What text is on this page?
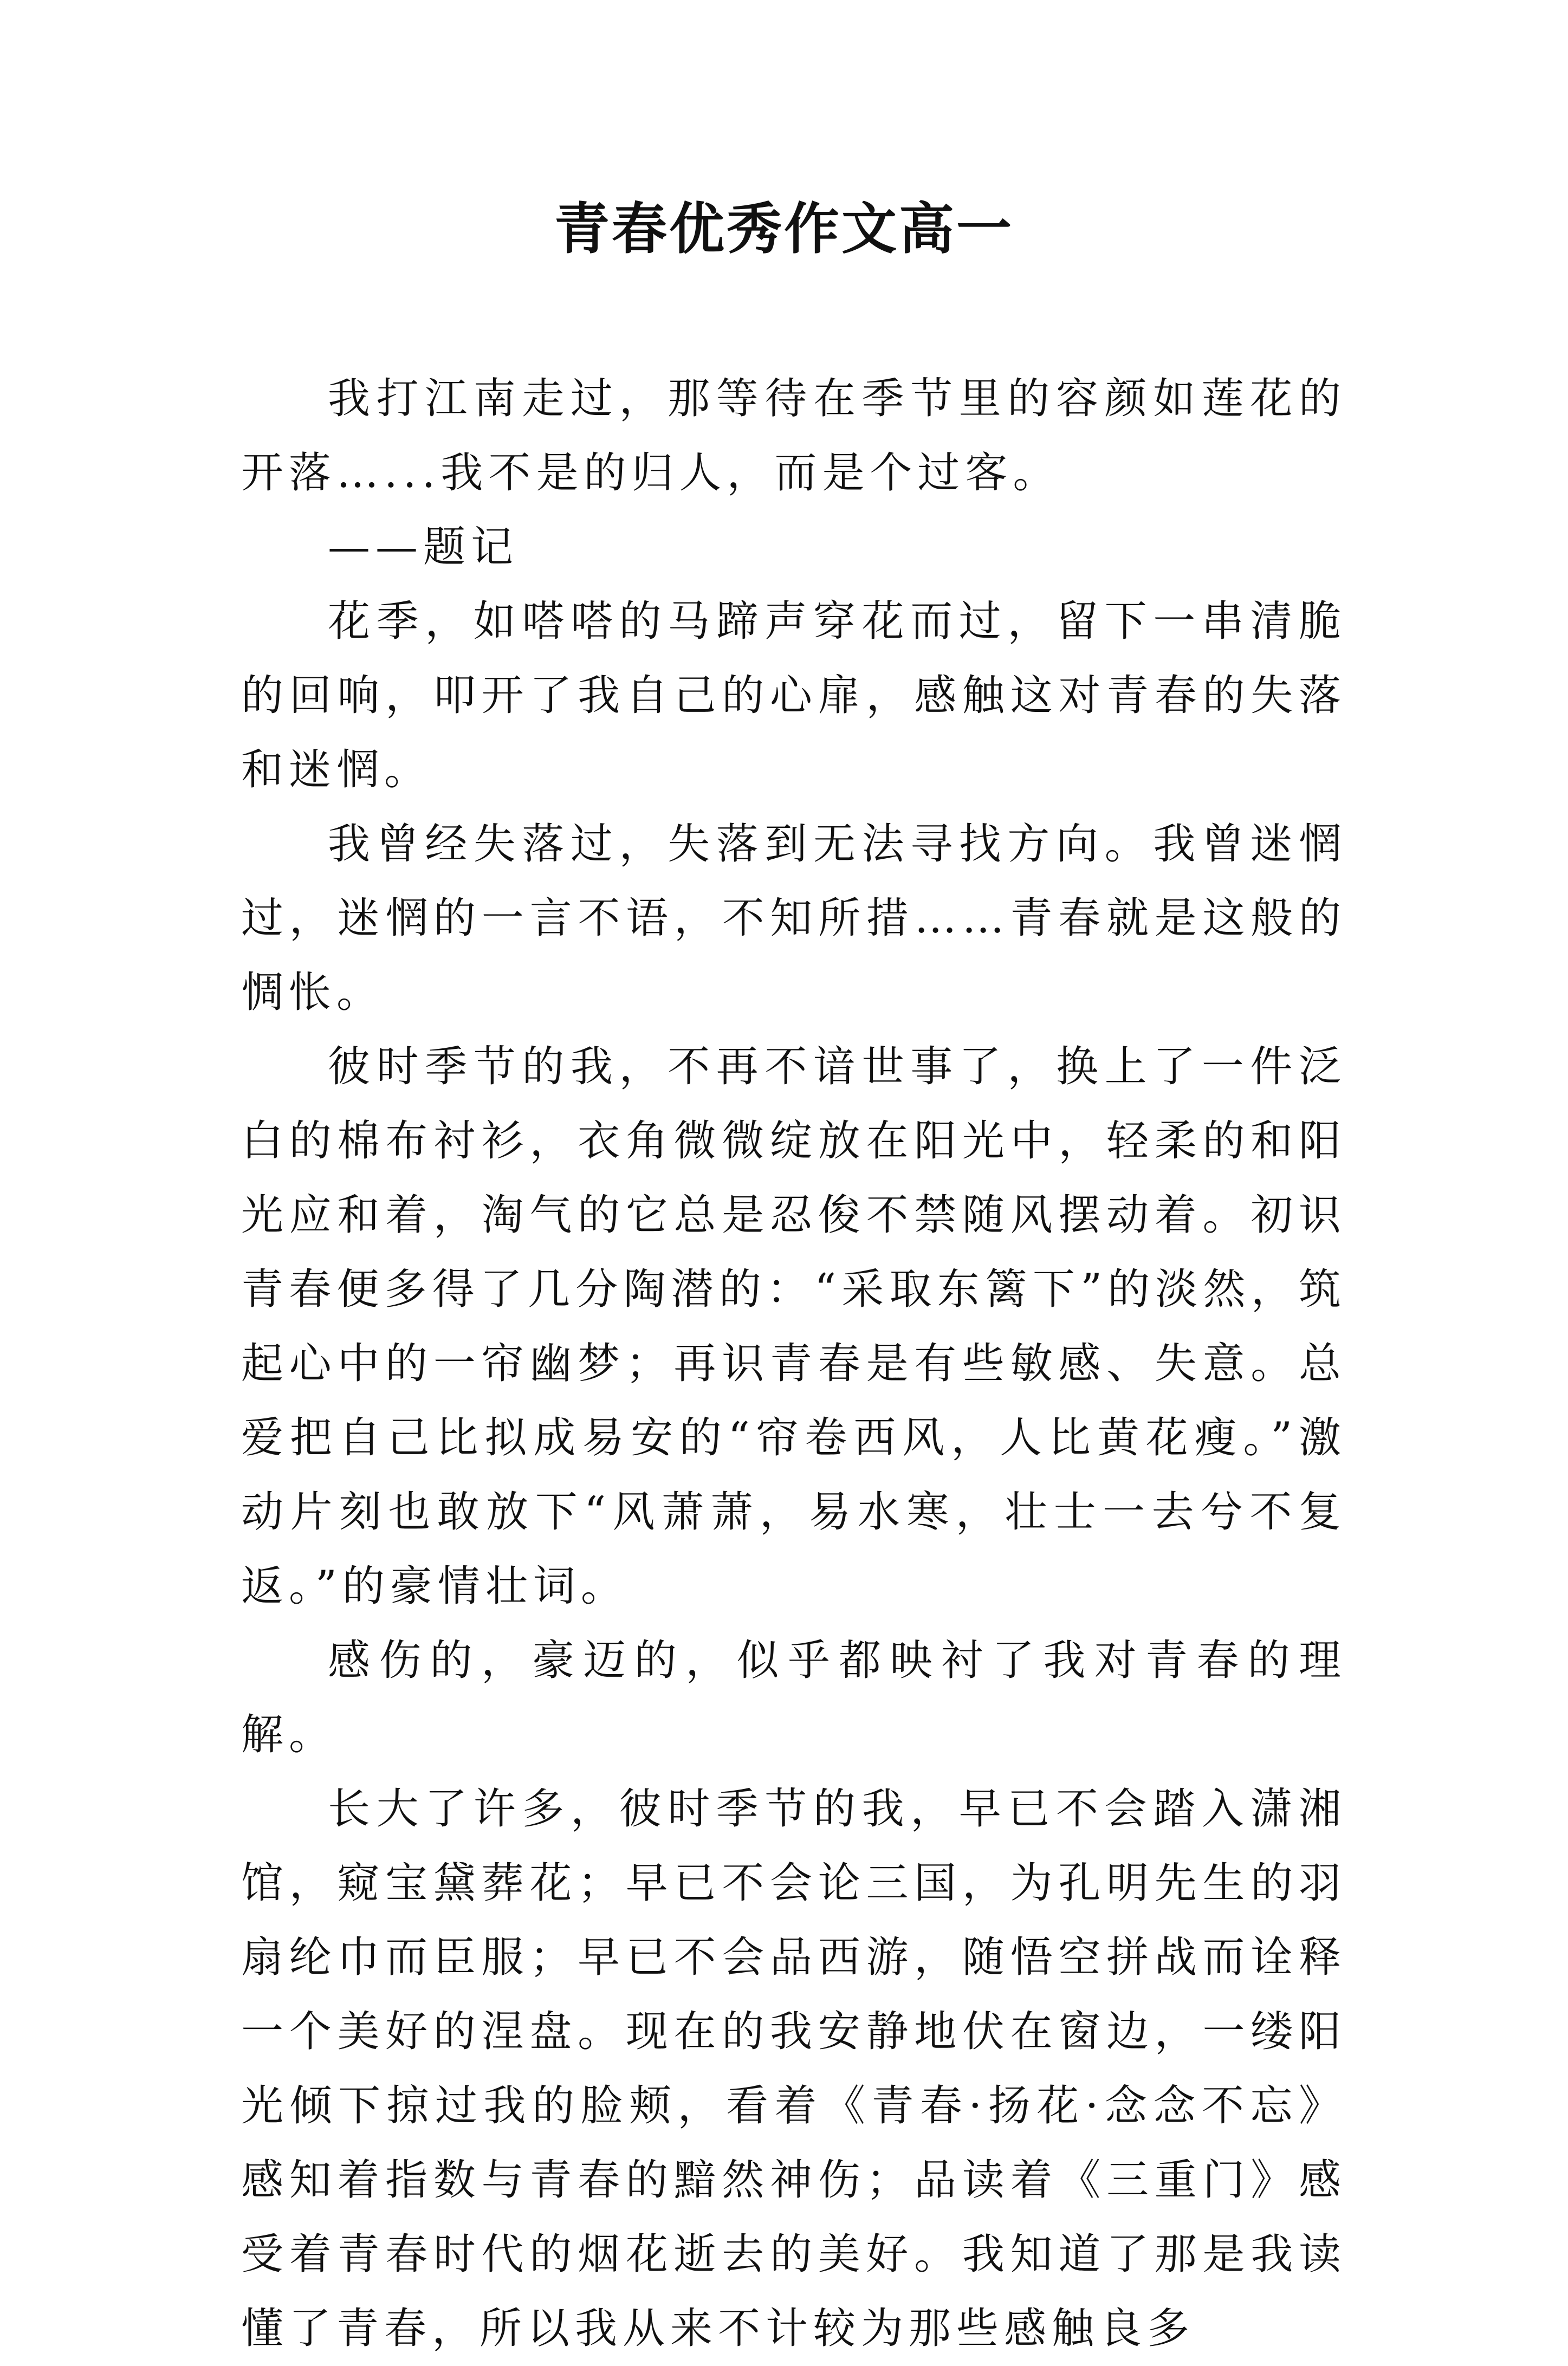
青春优秀作文高一

我打江南走过，那等待在季节里的容颜如莲花的开落…...我不是的归人，而是个过客。

——题记

花季，如嗒嗒的马蹄声穿花而过，留下一串清脆的回响，叩开了我自己的心扉，感触这对青春的失落和迷惘。

我曾经失落过，失落到无法寻找方向。我曾迷惘过，迷惘的一言不语，不知所措……青春就是这般的惆怅。

彼时季节的我，不再不谙世事了，换上了一件泛白的棉布衬衫，衣角微微绽放在阳光中，轻柔的和阳光应和着，淘气的它总是忍俊不禁随风摆动着。初识青春便多得了几分陶潜的：“采取东篱下”的淡然，筑起心中的一帘幽梦；再识青春是有些敏感、失意。总爱把自己比拟成易安的“帘卷西风，人比黄花瘦。”激动片刻也敢放下“风萧萧，易水寒，壮士一去兮不复返。”的豪情壮词。

感伤的，豪迈的，似乎都映衬了我对青春的理解。

长大了许多，彼时季节的我，早已不会踏入潇湘馆，窥宝黛葬花；早已不会论三国，为孔明先生的羽扇纶巾而臣服；早已不会品西游，随悟空拼战而诠释一个美好的涅盘。现在的我安静地伏在窗边，一缕阳光倾下掠过我的脸颊，看着《青春·扬花·念念不忘》感知着指数与青春的黯然神伤；品读着《三重门》感受着青春时代的烟花逝去的美好。我知道了那是我读懂了青春，所以我从来不计较为那些感触良多
